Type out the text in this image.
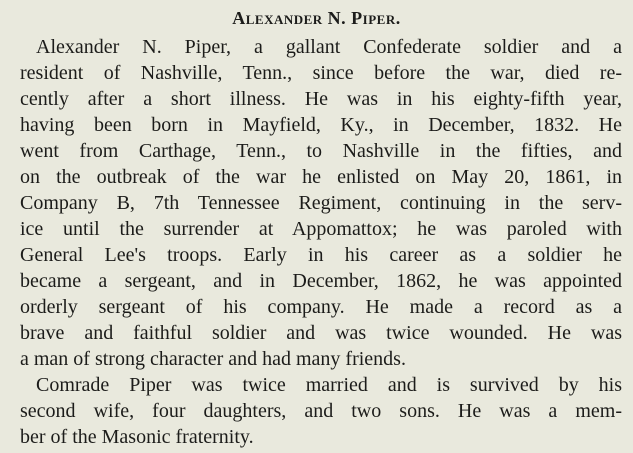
Alexander N. Piper.
Alexander N. Piper, a gallant Confederate soldier and a
resident of Nashville, Tenn., since before the war, died re-
cently after a short illness. He was in his eighty-fifth year,
having been born in Mayfield, Ky., in December, 1832. He
went from Carthage, Tenn., to Nashville in the fifties, and
on the outbreak of the war he enlisted on May 20, 1861, in
Company B, 7th Tennessee Regiment, continuing in the serv-
ice until the surrender at Appomattox; he was paroled with
General Lee's troops. Early in his career as a soldier he
became a sergeant, and in December, 1862, he was appointed
orderly sergeant of his company. He made a record as a
brave and faithful soldier and was twice wounded. He was
a man of strong character and had many friends.
Comrade Piper was twice married and is survived by his
second wife, four daughters, and two sons. He was a mem-
ber of the Masonic fraternity.
